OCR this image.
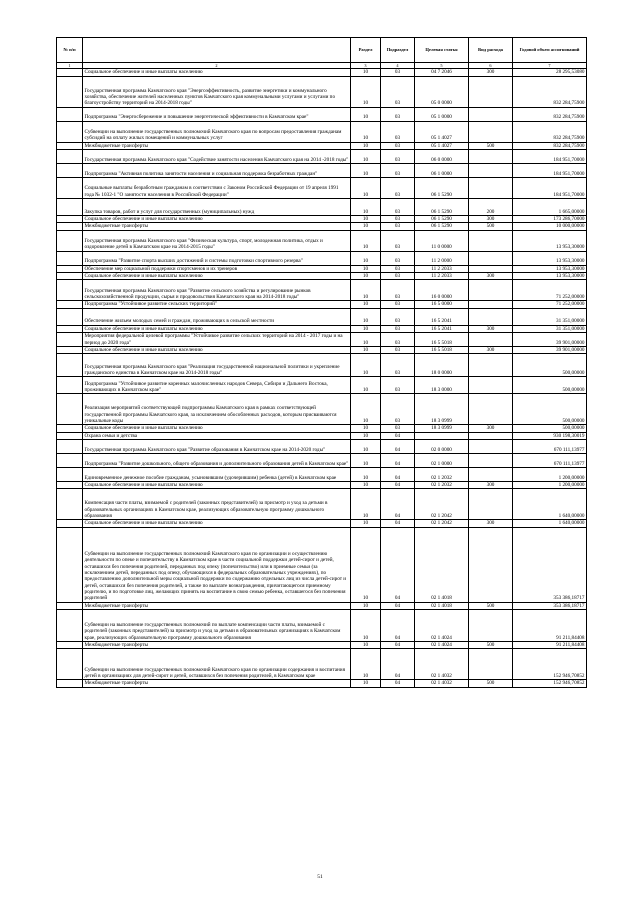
№ п/п		Раздел	Подраздел	Целевая статья	Вид расхода	Годовой объем ассигнований
1	2	3	4	5	6	7
	Социальное обеспечение и иные выплаты населению	10	03	04 7 2046	300	28 295,53080
	Государственная программа Камчатского края "Энергоэффективность, развитие энергетики и коммунального хозяйства, обеспечение жителей населенных пунктов Камчатского края коммунальными услугами и услугами по благоустройству территорий на 2014-2018 годы"	10	03	05 0 0000		832 284,75900
	Подпрограмма "Энергосбережение и повышение энергетической эффективности в Камчатском крае"	10	03	05 1 0000		832 284,75900
	Субвенции на выполнение государственных полномочий Камчатского края по вопросам предоставления гражданам субсидий на оплату жилых помещений и коммунальных услуг	10	03	05 1 4027		832 284,75900
	Межбюджетные трансферты	10	03	05 1 4027	500	832 284,75900
	Государственная программа Камчатского края "Содействие занятости населения Камчатского края на 2014 -2018 годы"	10	03	06 0 0000		184 951,70000
	Подпрограмма "Активная политика занятости населения и социальная поддержка безработных граждан"	10	03	06 1 0000		184 951,70000
	Социальные выплаты безработным гражданам в соответствии с Законом Российской Федерации от 19 апреля 1991 года № 1032-1 "О занятости населения в Российской Федерации"	10	03	06 1 5290		184 951,70000
	Закупка товаров, работ и услуг для государственных (муниципальных) нужд	10	03	06 1 5290	200	1 665,00000
	Социальное обеспечение и иные выплаты населению	10	03	06 1 5290	300	173 286,70000
	Межбюджетные трансферты	10	03	06 1 5290	500	10 000,00000
	Государственная программа Камчатского края "Физическая культура, спорт, молодежная политика, отдых и оздоровление детей в Камчатском крае на 2014-2015 годы"	10	03	11 0 0000		13 953,30000
	Подпрограмма "Развитие спорта высших достижений и системы подготовки спортивного резерва"	10	03	11 2 0000		13 953,30000
	Обеспечение мер социальной поддержки спортсменов и их тренеров	10	03	11 2 2033		13 953,30000
	Социальное обеспечение и иные выплаты населению	10	03	11 2 2033	300	13 953,30000
	Государственная программа Камчатского края "Развитие сельского хозяйства и регулирование рынков сельскохозяйственной продукции, сырья и продовольствия Камчатского края на 2014-2018 годы"	10	03	16 0 0000		71 252,00000
	Подпрограмма "Устойчивое развитие сельских территорий"	10	03	16 5 0000		71 252,00000
	Обеспечение жильем молодых семей и граждан, проживающих в сельской местности	10	03	16 5 2041		31 351,00000
	Социальное обеспечение и иные выплаты населению	10	03	16 5 2041	300	31 351,00000
	Мероприятия федеральной целевой программы "Устойчивое развитие сельских территорий на 2014 - 2017 годы и на период до 2020 года"	10	03	16 5 5018		39 901,00000
	Социальное обеспечение и иные выплаты населению	10	03	16 5 5018	300	39 901,00000
	Государственная программа Камчатского края "Реализация государственной национальной политики и укрепление гражданского единства в Камчатском крае на 2014-2018 годы"	10	03	18 0 0000		500,00000
	Подпрограмма "Устойчивое развитие коренных малочисленных народов Севера, Сибири и Дальнего Востока, проживающих в Камчатском крае"	10	03	18 3 0000		500,00000
	Реализация мероприятий соответствующей подпрограммы Камчатского края в рамках соответствующей государственной программы Камчатского края, за исключением обособленных расходов, которым присваиваются уникальные коды	10	03	18 3 0999		500,00000
	Социальное обеспечение и иные выплаты населению	10	03	18 3 0999	300	500,00000
	Охрана семьи и детства	10	04			930 198,30019
	Государственная программа Камчатского края "Развитие образования в Камчатском крае на 2014-2020 годы"	10	04	02 0 0000		670 111,13977
	Подпрограмма "Развитие дошкольного, общего образования и дополнительного образования детей в Камчатском крае"	10	04	02 1 0000		670 111,13977
	Единовременное денежное пособие гражданам, усыновившим (удочерившим) ребенка (детей) в Камчатском крае	10	04	02 1 2032		1 200,00000
	Социальное обеспечение и иные выплаты населению	10	04	02 1 2032	300	1 200,00000
	Компенсация части платы, взимаемой с родителей (законных представителей) за присмотр и уход за детьми в образовательных организациях в Камчатском крае, реализующих образовательную программу дошкольного образования	10	04	02 1 2042		1 640,00000
	Социальное обеспечение и иные выплаты населению	10	04	02 1 2042	300	1 640,00000
	Субвенции на выполнение государственных полномочий Камчатского края по организации и осуществлению деятельности по опеке и попечительству в Камчатском крае в части социальной поддержки детей-сирот и детей, оставшихся без попечения родителей, переданных под опеку (попечительство) или в приемные семьи (за исключением детей, переданных под опеку, обучающихся в федеральных образовательных учреждениях), по предоставлению дополнительной меры социальной поддержки по содержанию отдельных лиц из числа детей-сирот и детей, оставшихся без попечения родителей, а также по выплате вознаграждения, причитающегося приемному родителю, и по подготовке лиц, желающих принять на воспитание в свою семью ребенка, оставшегося без попечения родителей	10	04	02 1 4018		353 386,18717
	Межбюджетные трансферты	10	04	02 1 4018	500	353 386,18717
	Субвенции на выполнение государственных полномочий по выплате компенсации части платы, взимаемой с родителей (законных представителей) за присмотр и уход за детьми в образовательных организациях в Камчатском крае, реализующих образовательную программу дошкольного образования	10	04	02 1 4024		91 211,84408
	Межбюджетные трансферты	10	04	02 1 4024	500	91 211,84408
	Субвенции на выполнение государственных полномочий Камчатского края по организации содержания и воспитания детей в организациях для детей-сирот и детей, оставшихся без попечения родителей, в Камчатском крае	10	04	02 1 4032		152 946,70852
	Межбюджетные трансферты	10	04	02 1 4032	500	152 946,70852
51
